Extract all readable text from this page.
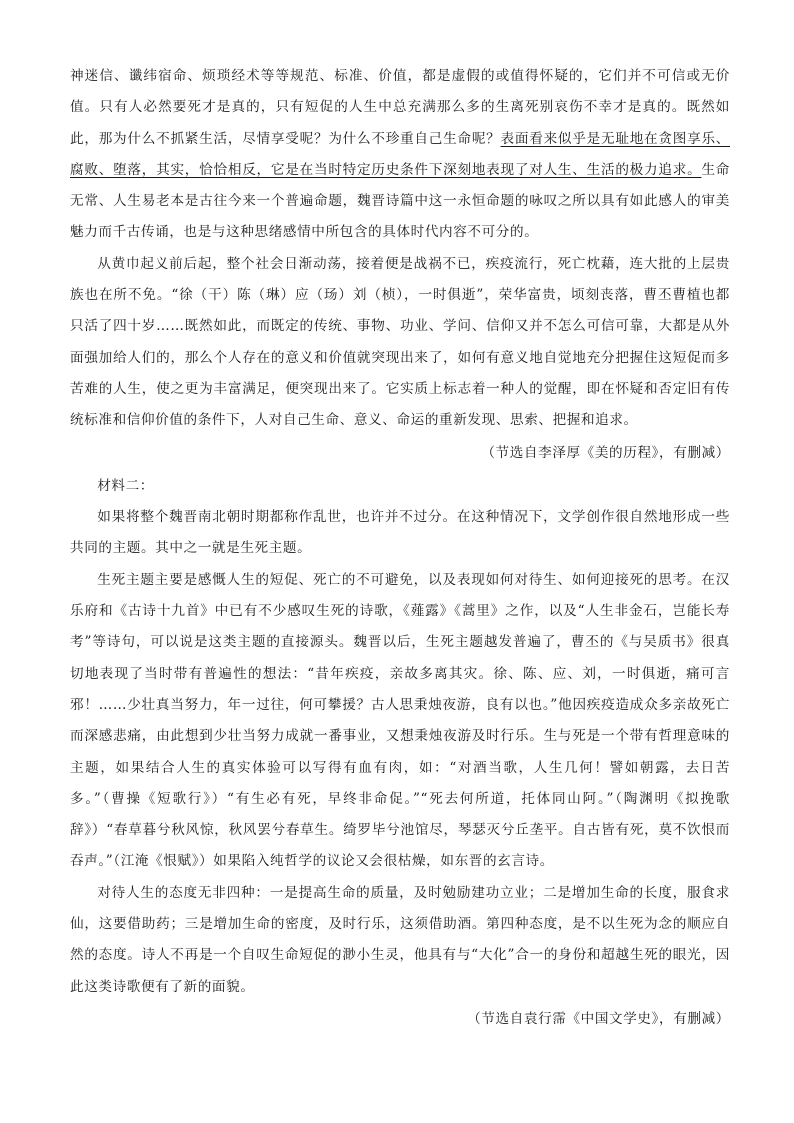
神迷信、谶纬宿命、烦琐经术等等规范、标准、价值，都是虚假的或值得怀疑的，它们并不可信或无价值。只有人必然要死才是真的，只有短促的人生中总充满那么多的生离死别哀伤不幸才是真的。既然如此，那为什么不抓紧生活，尽情享受呢？为什么不珍重自己生命呢？表面看来似乎是无耻地在贪图享乐、腐败、堕落，其实，恰恰相反，它是在当时特定历史条件下深刻地表现了对人生、生活的极力追求。生命无常、人生易老本是古往今来一个普遍命题，魏晋诗篇中这一永恒命题的咏叹之所以具有如此感人的审美魅力而千古传诵，也是与这种思绪感情中所包含的具体时代内容不可分的。

从黄巾起义前后起，整个社会日渐动荡，接着便是战祸不已，疾疫流行，死亡枕藉，连大批的上层贵族也在所不免。“徐（干）陈（琳）应（玚）刘（桢），一时俱逝”，荣华富贵，顷刻丧落，曹丕曹植也都只活了四十岁……既然如此，而既定的传统、事物、功业、学问、信仰又并不怎么可信可靠，大都是从外面强加给人们的，那么个人存在的意义和价值就突现出来了，如何有意义地自觉地充分把握住这短促而多苦难的人生，使之更为丰富满足，便突现出来了。它实质上标志着一种人的觉醒，即在怀疑和否定旧有传统标准和信仰价值的条件下，人对自己生命、意义、命运的重新发现、思索、把握和追求。

（节选自李泽厚《美的历程》，有删减）

材料二：

如果将整个魏晋南北朝时期都称作乱世，也许并不过分。在这种情况下，文学创作很自然地形成一些共同的主题。其中之一就是生死主题。

生死主题主要是感慨人生的短促、死亡的不可避免，以及表现如何对待生、如何迎接死的思考。在汉乐府和《古诗十九首》中已有不少感叹生死的诗歌，《薤露》《蒿里》之作，以及“人生非金石，岂能长寿考”等诗句，可以说是这类主题的直接源头。魏晋以后，生死主题越发普遍了，曹丕的《与吴质书》很真切地表现了当时带有普遍性的想法：“昔年疾疫，亲故多离其灾。徐、陈、应、刘，一时俱逝，痛可言邪！……少壮真当努力，年一过往，何可攀援？古人思秉烛夜游，良有以也。”他因疾疫造成众多亲故死亡而深感悲痛，由此想到少壮当努力成就一番事业，又想秉烛夜游及时行乐。生与死是一个带有哲理意味的主题，如果结合人生的真实体验可以写得有血有肉，如：“对酒当歌，人生几何！譬如朝露，去日苦多。”（曹操《短歌行》）“有生必有死，早终非命促。”“死去何所道，托体同山阿。”（陶渊明《拟挽歌辞》）“春草暮兮秋风惊，秋风罢兮春草生。绮罗毕兮池馆尽，琴瑟灭兮丘垄平。自古皆有死，莫不饮恨而吞声。”（江淹《恨赋》）如果陷入纯哲学的议论又会很枯燥，如东晋的玄言诗。

对待人生的态度无非四种：一是提高生命的质量，及时勉励建功立业；二是增加生命的长度，服食求仙，这要借助药；三是增加生命的密度，及时行乐，这须借助酒。第四种态度，是不以生死为念的顺应自然的态度。诗人不再是一个自叹生命短促的渺小生灵，他具有与“大化”合一的身份和超越生死的眼光，因此这类诗歌便有了新的面貌。

（节选自袁行霈《中国文学史》，有删减）
